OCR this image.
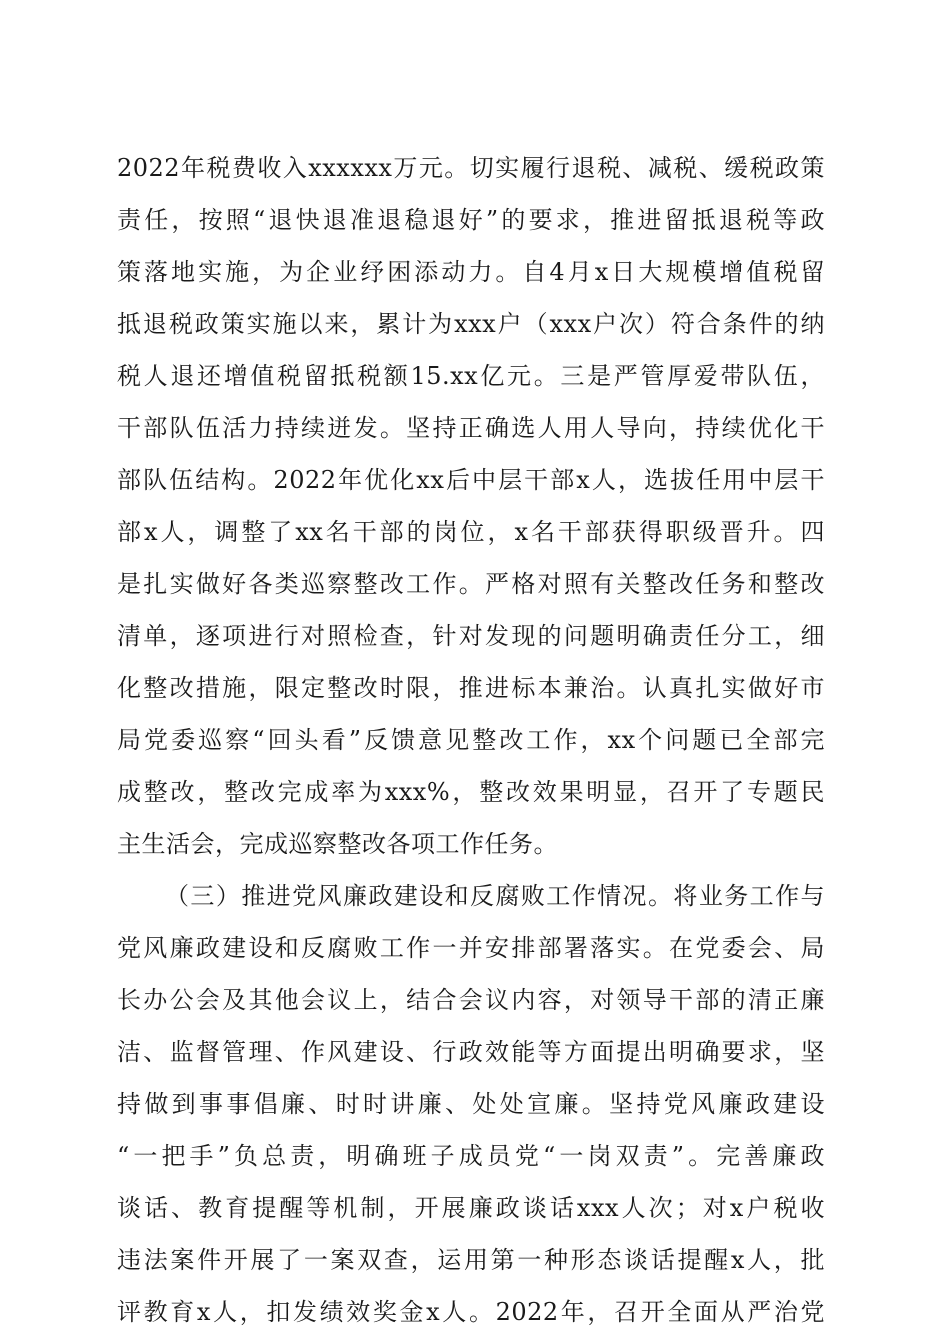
2022年税费收入xxxxxx万元。切实履行退税、减税、缓税政策
责任，按照“退快退准退稳退好”的要求，推进留抵退税等政
策落地实施，为企业纾困添动力。自4月x日大规模增值税留
抵退税政策实施以来，累计为xxx户（xxx户次）符合条件的纳
税人退还增值税留抵税额15.xx亿元。三是严管厚爱带队伍，
干部队伍活力持续迸发。坚持正确选人用人导向，持续优化干
部队伍结构。2022年优化xx后中层干部x人，选拔任用中层干
部x人，调整了xx名干部的岗位，x名干部获得职级晋升。四
是扎实做好各类巡察整改工作。严格对照有关整改任务和整改
清单，逐项进行对照检查，针对发现的问题明确责任分工，细
化整改措施，限定整改时限，推进标本兼治。认真扎实做好市
局党委巡察“回头看”反馈意见整改工作，xx个问题已全部完
成整改，整改完成率为xxx%，整改效果明显，召开了专题民
主生活会，完成巡察整改各项工作任务。
（三）推进党风廉政建设和反腐败工作情况。将业务工作与
党风廉政建设和反腐败工作一并安排部署落实。在党委会、局
长办公会及其他会议上，结合会议内容，对领导干部的清正廉
洁、监督管理、作风建设、行政效能等方面提出明确要求，坚
持做到事事倡廉、时时讲廉、处处宣廉。坚持党风廉政建设
“一把手”负总责，明确班子成员党“一岗双责”。完善廉政
谈话、教育提醒等机制，开展廉政谈话xxx人次；对x户税收
违法案件开展了一案双查，运用第一种形态谈话提醒x人，批
评教育x人，扣发绩效奖金x人。2022年，召开全面从严治党
